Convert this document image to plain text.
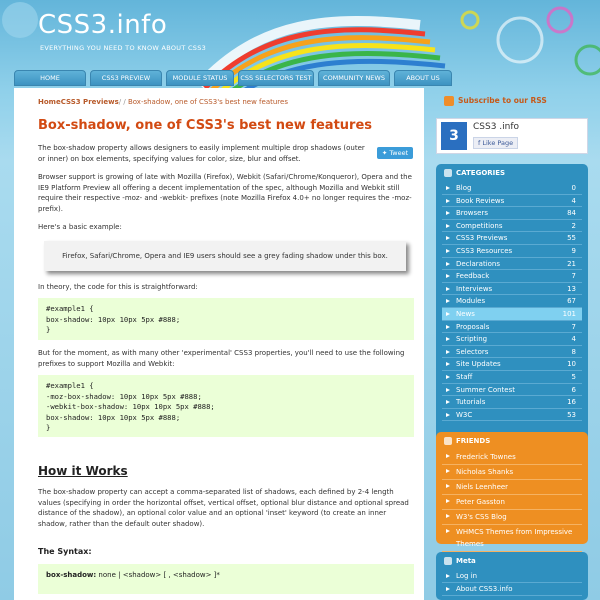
CSS3.info
EVERYTHING YOU NEED TO KNOW ABOUT CSS3
HOME	CSS3 PREVIEW	MODULE STATUS	CSS SELECTORS TEST	COMMUNITY NEWS	ABOUT US
HomeCSS3 Previews/ / Box-shadow, one of CSS3's best new features
Box-shadow, one of CSS3's best new features
✦ Tweet

The box-shadow property allows designers to easily implement multiple drop shadows (outer or inner) on box elements, specifying values for color, size, blur and offset.

Browser support is growing of late with Mozilla (Firefox), Webkit (Safari/Chrome/Konqueror), Opera and the IE9 Platform Preview all offering a decent implementation of the spec, although Mozilla and Webkit still require their respective -moz- and -webkit- prefixes (note Mozilla Firefox 4.0+ no longer requires the -moz- prefix).

Here's a basic example:

Firefox, Safari/Chrome, Opera and IE9 users should see a grey fading shadow under this box.

In theory, the code for this is straightforward:

#example1 {
box-shadow: 10px 10px 5px #888;
}

But for the moment, as with many other 'experimental' CSS3 properties, you'll need to use the following prefixes to support Mozilla and Webkit:

#example1 {
-moz-box-shadow: 10px 10px 5px #888;
-webkit-box-shadow: 10px 10px 5px #888;
box-shadow: 10px 10px 5px #888;
}
How it Works

The box-shadow property can accept a comma-separated list of shadows, each defined by 2-4 length values (specifying in order the horizontal offset, vertical offset, optional blur distance and optional spread distance of the shadow), an optional color value and an optional 'inset' keyword (to create an inner shadow, rather than the default outer shadow).

The Syntax:
box-shadow: none | <shadow> [ , <shadow> ]*
Subscribe to our RSS
3
CSS3 .info
f Like Page
CATEGORIES
Blog	0
Book Reviews	4
Browsers	84
Competitions	2
CSS3 Previews	55
CSS3 Resources	9
Declarations	21
Feedback	7
Interviews	13
Modules	67
News	101
Proposals	7
Scripting	4
Selectors	8
Site Updates	10
Staff	5
Summer Contest	6
Tutorials	16
W3C	53
FRIENDS
Frederick Townes
Nicholas Shanks
Niels Leenheer
Peter Gasston
W3's CSS Blog
WHMCS Themes from Impressive Themes
Meta
Log in
About CSS3.info
